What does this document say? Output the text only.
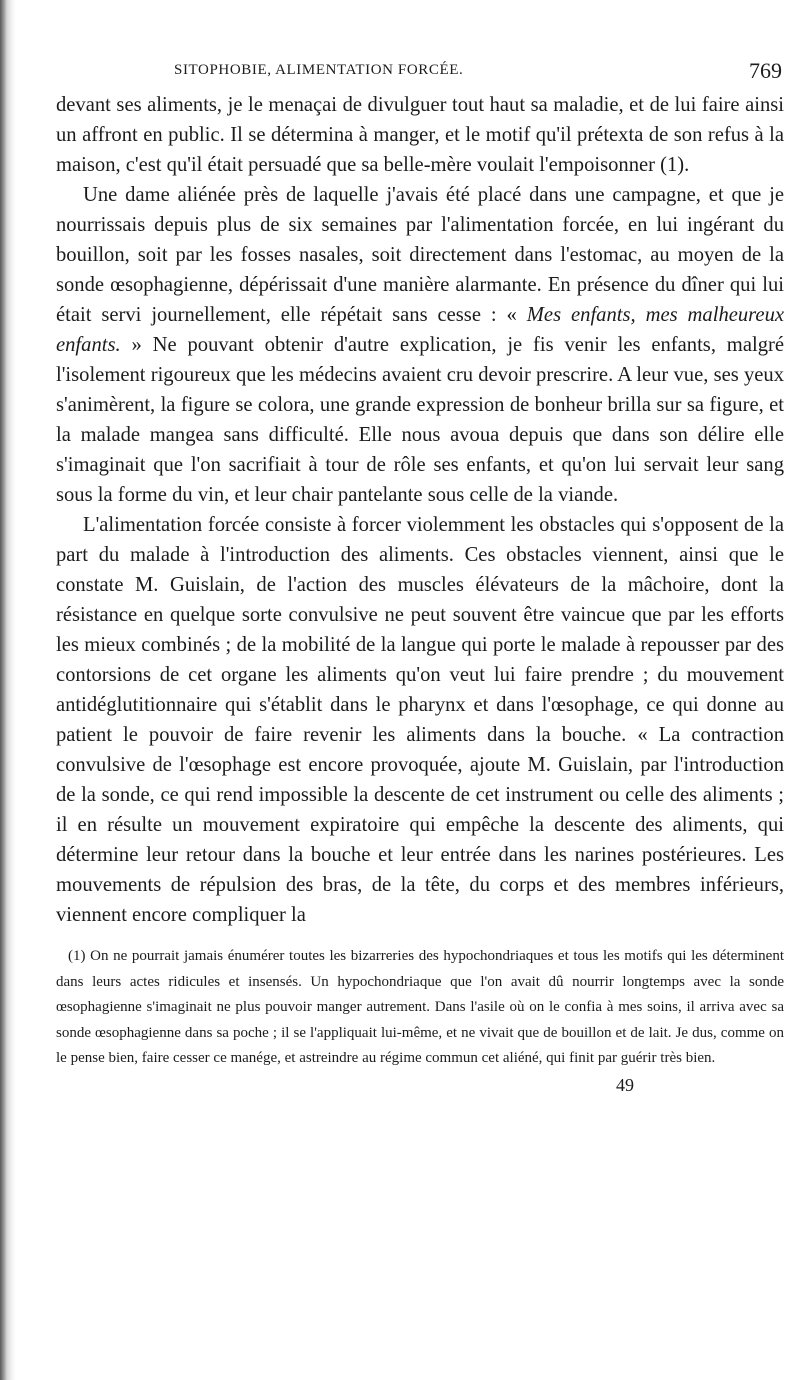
SITOPHOBIE, ALIMENTATION FORCÉE.	769

devant ses aliments, je le menaçai de divulguer tout haut sa maladie, et de lui faire ainsi un affront en public. Il se détermina à manger, et le motif qu'il prétexta de son refus à la maison, c'est qu'il était persuadé que sa belle-mère voulait l'empoisonner (1).

Une dame aliénée près de laquelle j'avais été placé dans une campagne, et que je nourrissais depuis plus de six semaines par l'alimentation forcée, en lui ingérant du bouillon, soit par les fosses nasales, soit directement dans l'estomac, au moyen de la sonde œsophagienne, dépérissait d'une manière alarmante. En présence du dîner qui lui était servi journellement, elle répétait sans cesse : « Mes enfants, mes malheureux enfants. » Ne pouvant obtenir d'autre explication, je fis venir les enfants, malgré l'isolement rigoureux que les médecins avaient cru devoir prescrire. A leur vue, ses yeux s'animèrent, la figure se colora, une grande expression de bonheur brilla sur sa figure, et la malade mangea sans difficulté. Elle nous avoua depuis que dans son délire elle s'imaginait que l'on sacrifiait à tour de rôle ses enfants, et qu'on lui servait leur sang sous la forme du vin, et leur chair pantelante sous celle de la viande.

L'alimentation forcée consiste à forcer violemment les obstacles qui s'opposent de la part du malade à l'introduction des aliments. Ces obstacles viennent, ainsi que le constate M. Guislain, de l'action des muscles élévateurs de la mâchoire, dont la résistance en quelque sorte convulsive ne peut souvent être vaincue que par les efforts les mieux combinés ; de la mobilité de la langue qui porte le malade à repousser par des contorsions de cet organe les aliments qu'on veut lui faire prendre ; du mouvement antidéglutitionnaire qui s'établit dans le pharynx et dans l'œsophage, ce qui donne au patient le pouvoir de faire revenir les aliments dans la bouche. « La contraction convulsive de l'œsophage est encore provoquée, ajoute M. Guislain, par l'introduction de la sonde, ce qui rend impossible la descente de cet instrument ou celle des aliments ; il en résulte un mouvement expiratoire qui empêche la descente des aliments, qui détermine leur retour dans la bouche et leur entrée dans les narines postérieures. Les mouvements de répulsion des bras, de la tête, du corps et des membres inférieurs, viennent encore compliquer la

(1) On ne pourrait jamais énumérer toutes les bizarreries des hypochondriaques et tous les motifs qui les déterminent dans leurs actes ridicules et insensés. Un hypochondriaque que l'on avait dû nourrir longtemps avec la sonde œsophagienne s'imaginait ne plus pouvoir manger autrement. Dans l'asile où on le confia à mes soins, il arriva avec sa sonde œsophagienne dans sa poche ; il se l'appliquait lui-même, et ne vivait que de bouillon et de lait. Je dus, comme on le pense bien, faire cesser ce manége, et astreindre au régime commun cet aliéné, qui finit par guérir très bien.

49
